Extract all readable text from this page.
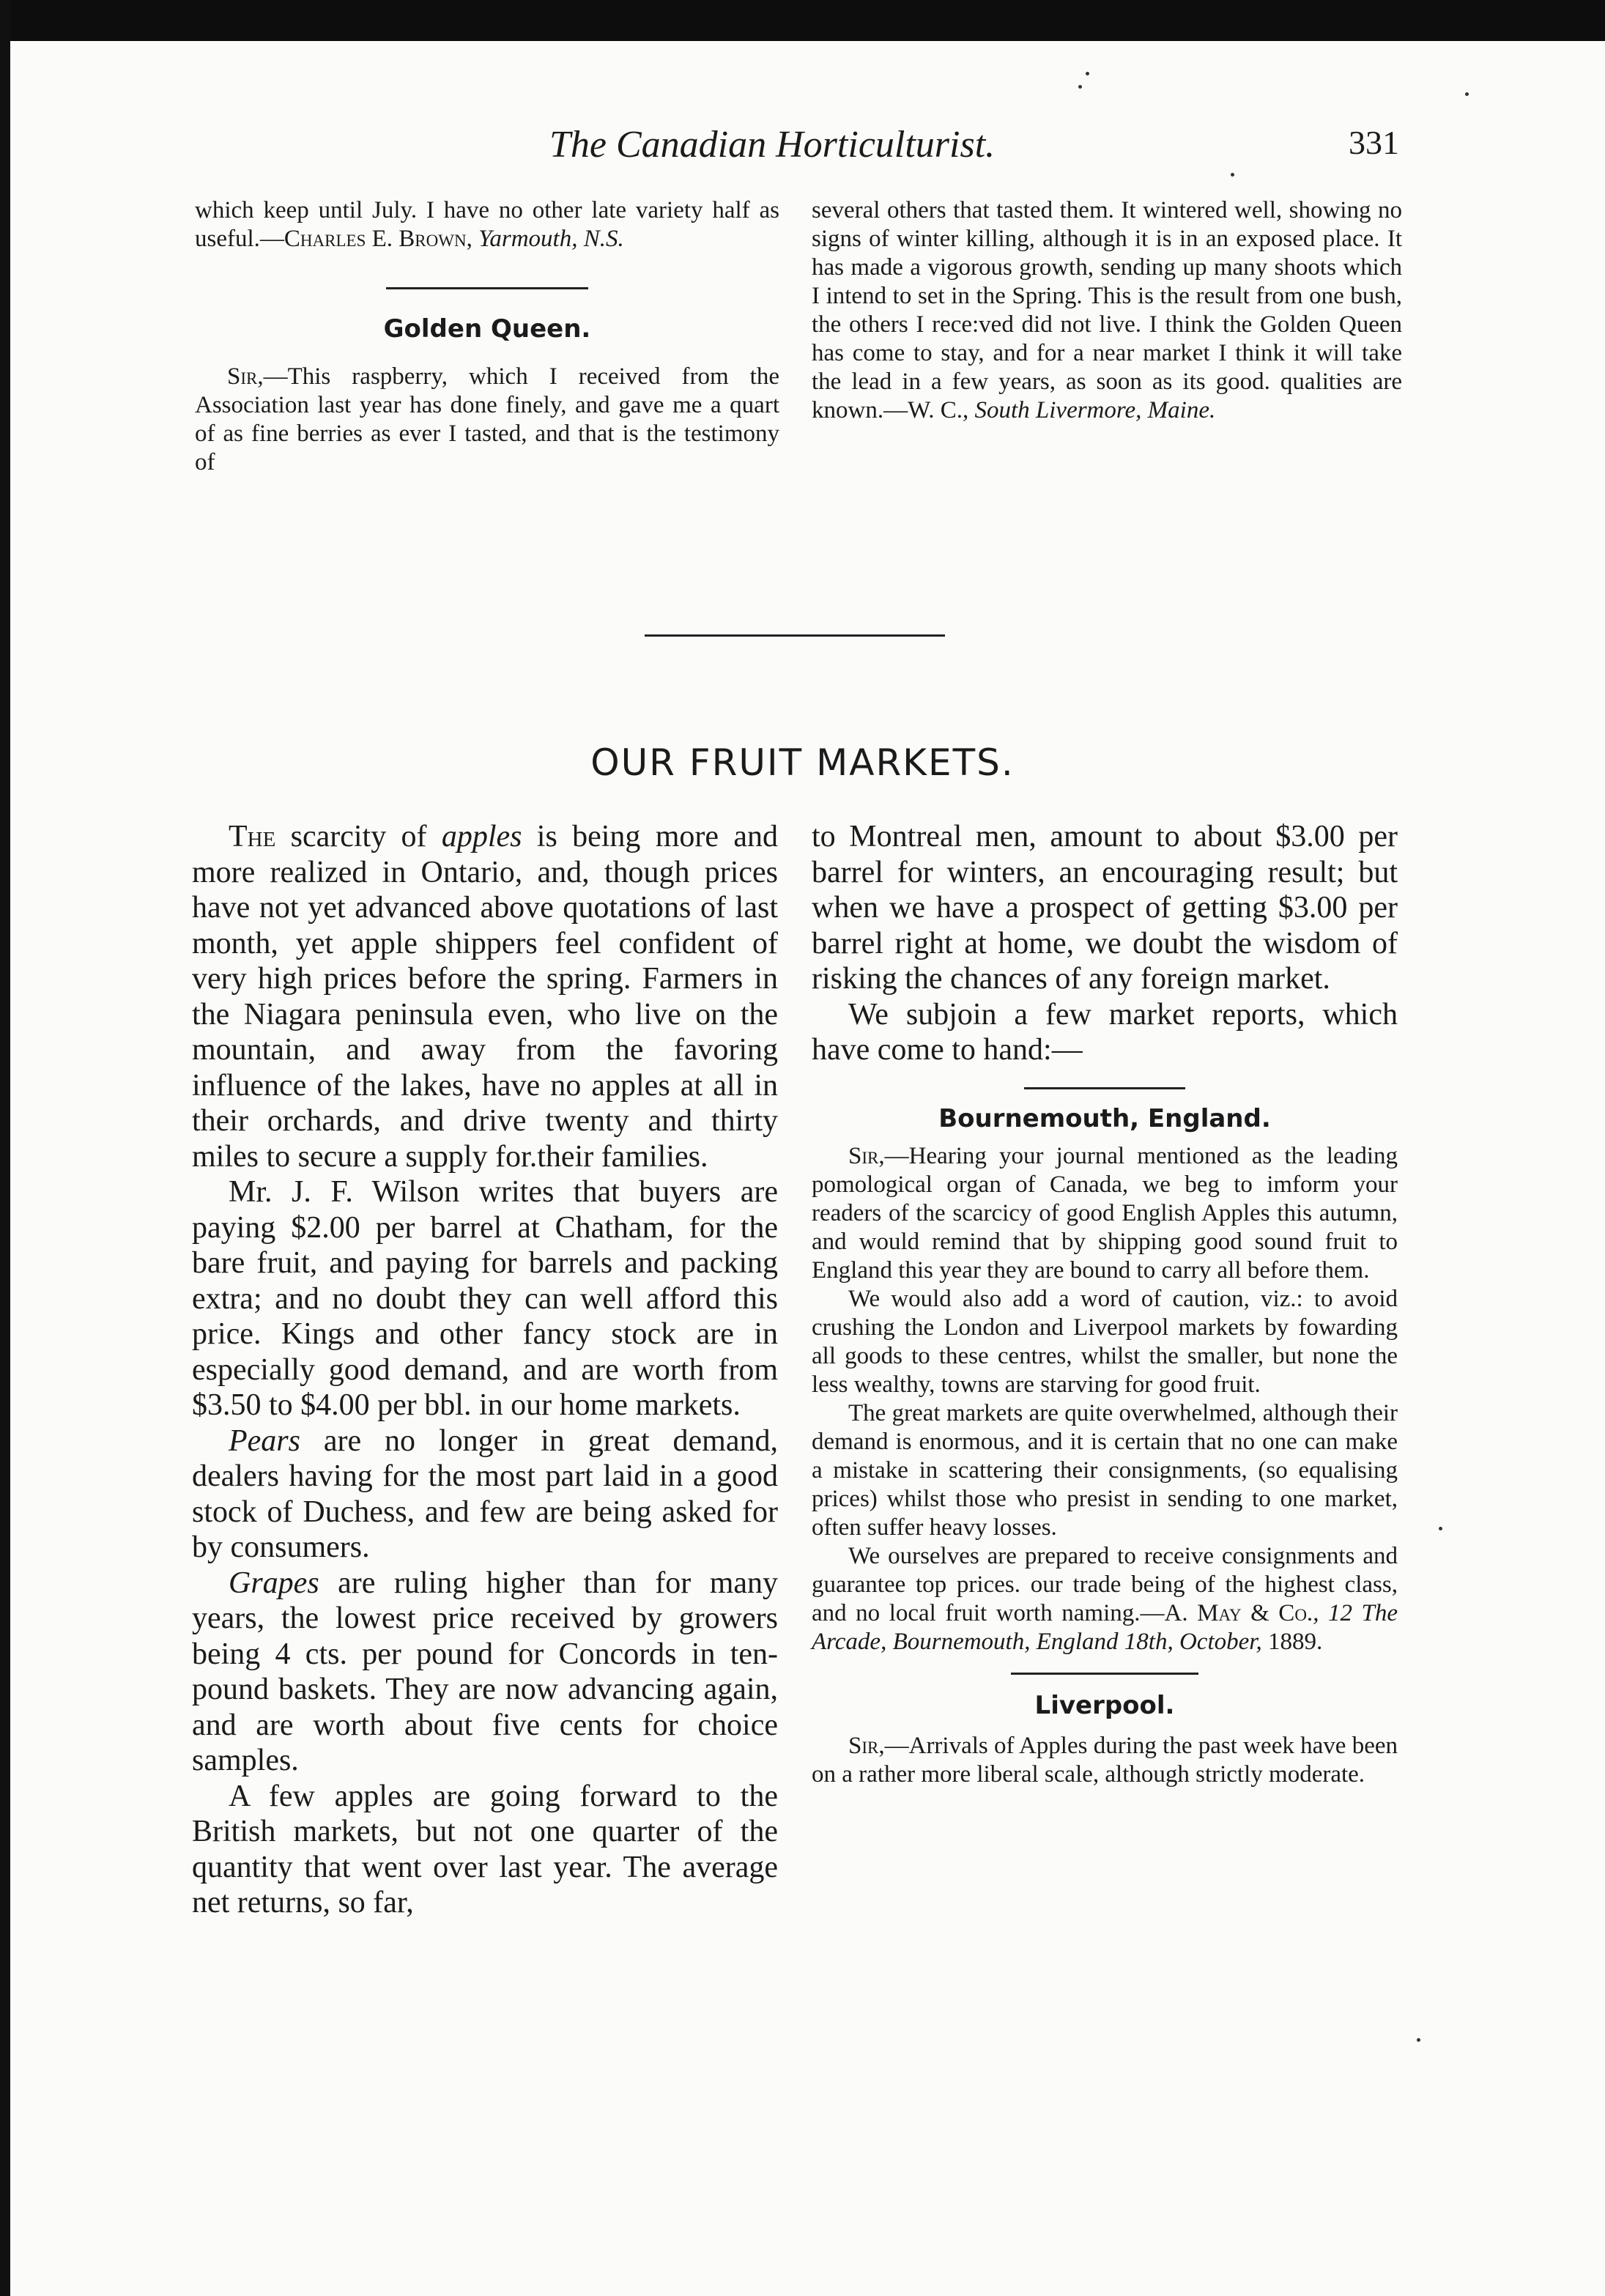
The Canadian Horticulturist.	331

which keep until July. I have no other late variety half as useful.—Charles E. Brown, Yarmouth, N.S.

Golden Queen.

Sir,—This raspberry, which I received from the Association last year has done finely, and gave me a quart of as fine berries as ever I tasted, and that is the testimony of

several others that tasted them. It wintered well, showing no signs of winter killing, although it is in an exposed place. It has made a vigorous growth, sending up many shoots which I intend to set in the Spring. This is the result from one bush, the others I rece:ved did not live. I think the Golden Queen has come to stay, and for a near market I think it will take the lead in a few years, as soon as its good. qualities are known.—W. C., South Livermore, Maine.

OUR FRUIT MARKETS.

The scarcity of apples is being more and more realized in Ontario, and, though prices have not yet advanced above quotations of last month, yet apple shippers feel confident of very high prices before the spring. Farmers in the Niagara peninsula even, who live on the mountain, and away from the favoring influence of the lakes, have no apples at all in their orchards, and drive twenty and thirty miles to secure a supply for.their families.

Mr. J. F. Wilson writes that buyers are paying $2.00 per barrel at Chatham, for the bare fruit, and paying for barrels and packing extra; and no doubt they can well afford this price. Kings and other fancy stock are in especially good demand, and are worth from $3.50 to $4.00 per bbl. in our home markets.

Pears are no longer in great demand, dealers having for the most part laid in a good stock of Duchess, and few are being asked for by consumers.

Grapes are ruling higher than for many years, the lowest price received by growers being 4 cts. per pound for Concords in ten-pound baskets. They are now advancing again, and are worth about five cents for choice samples.

A few apples are going forward to the British markets, but not one quarter of the quantity that went over last year. The average net returns, so far,

to Montreal men, amount to about $3.00 per barrel for winters, an encouraging result; but when we have a prospect of getting $3.00 per barrel right at home, we doubt the wisdom of risking the chances of any foreign market.

We subjoin a few market reports, which have come to hand:—

Bournemouth, England.

Sir,—Hearing your journal mentioned as the leading pomological organ of Canada, we beg to imform your readers of the scarcicy of good English Apples this autumn, and would remind that by shipping good sound fruit to England this year they are bound to carry all before them.

We would also add a word of caution, viz.: to avoid crushing the London and Liverpool markets by fowarding all goods to these centres, whilst the smaller, but none the less wealthy, towns are starving for good fruit.

The great markets are quite overwhelmed, although their demand is enormous, and it is certain that no one can make a mistake in scattering their consignments, (so equalising prices) whilst those who presist in sending to one market, often suffer heavy losses.

We ourselves are prepared to receive consignments and guarantee top prices. our trade being of the highest class, and no local fruit worth naming.—A. May & Co., 12 The Arcade, Bournemouth, England 18th, October, 1889.

Liverpool.

Sir,—Arrivals of Apples during the past week have been on a rather more liberal scale, although strictly moderate.
